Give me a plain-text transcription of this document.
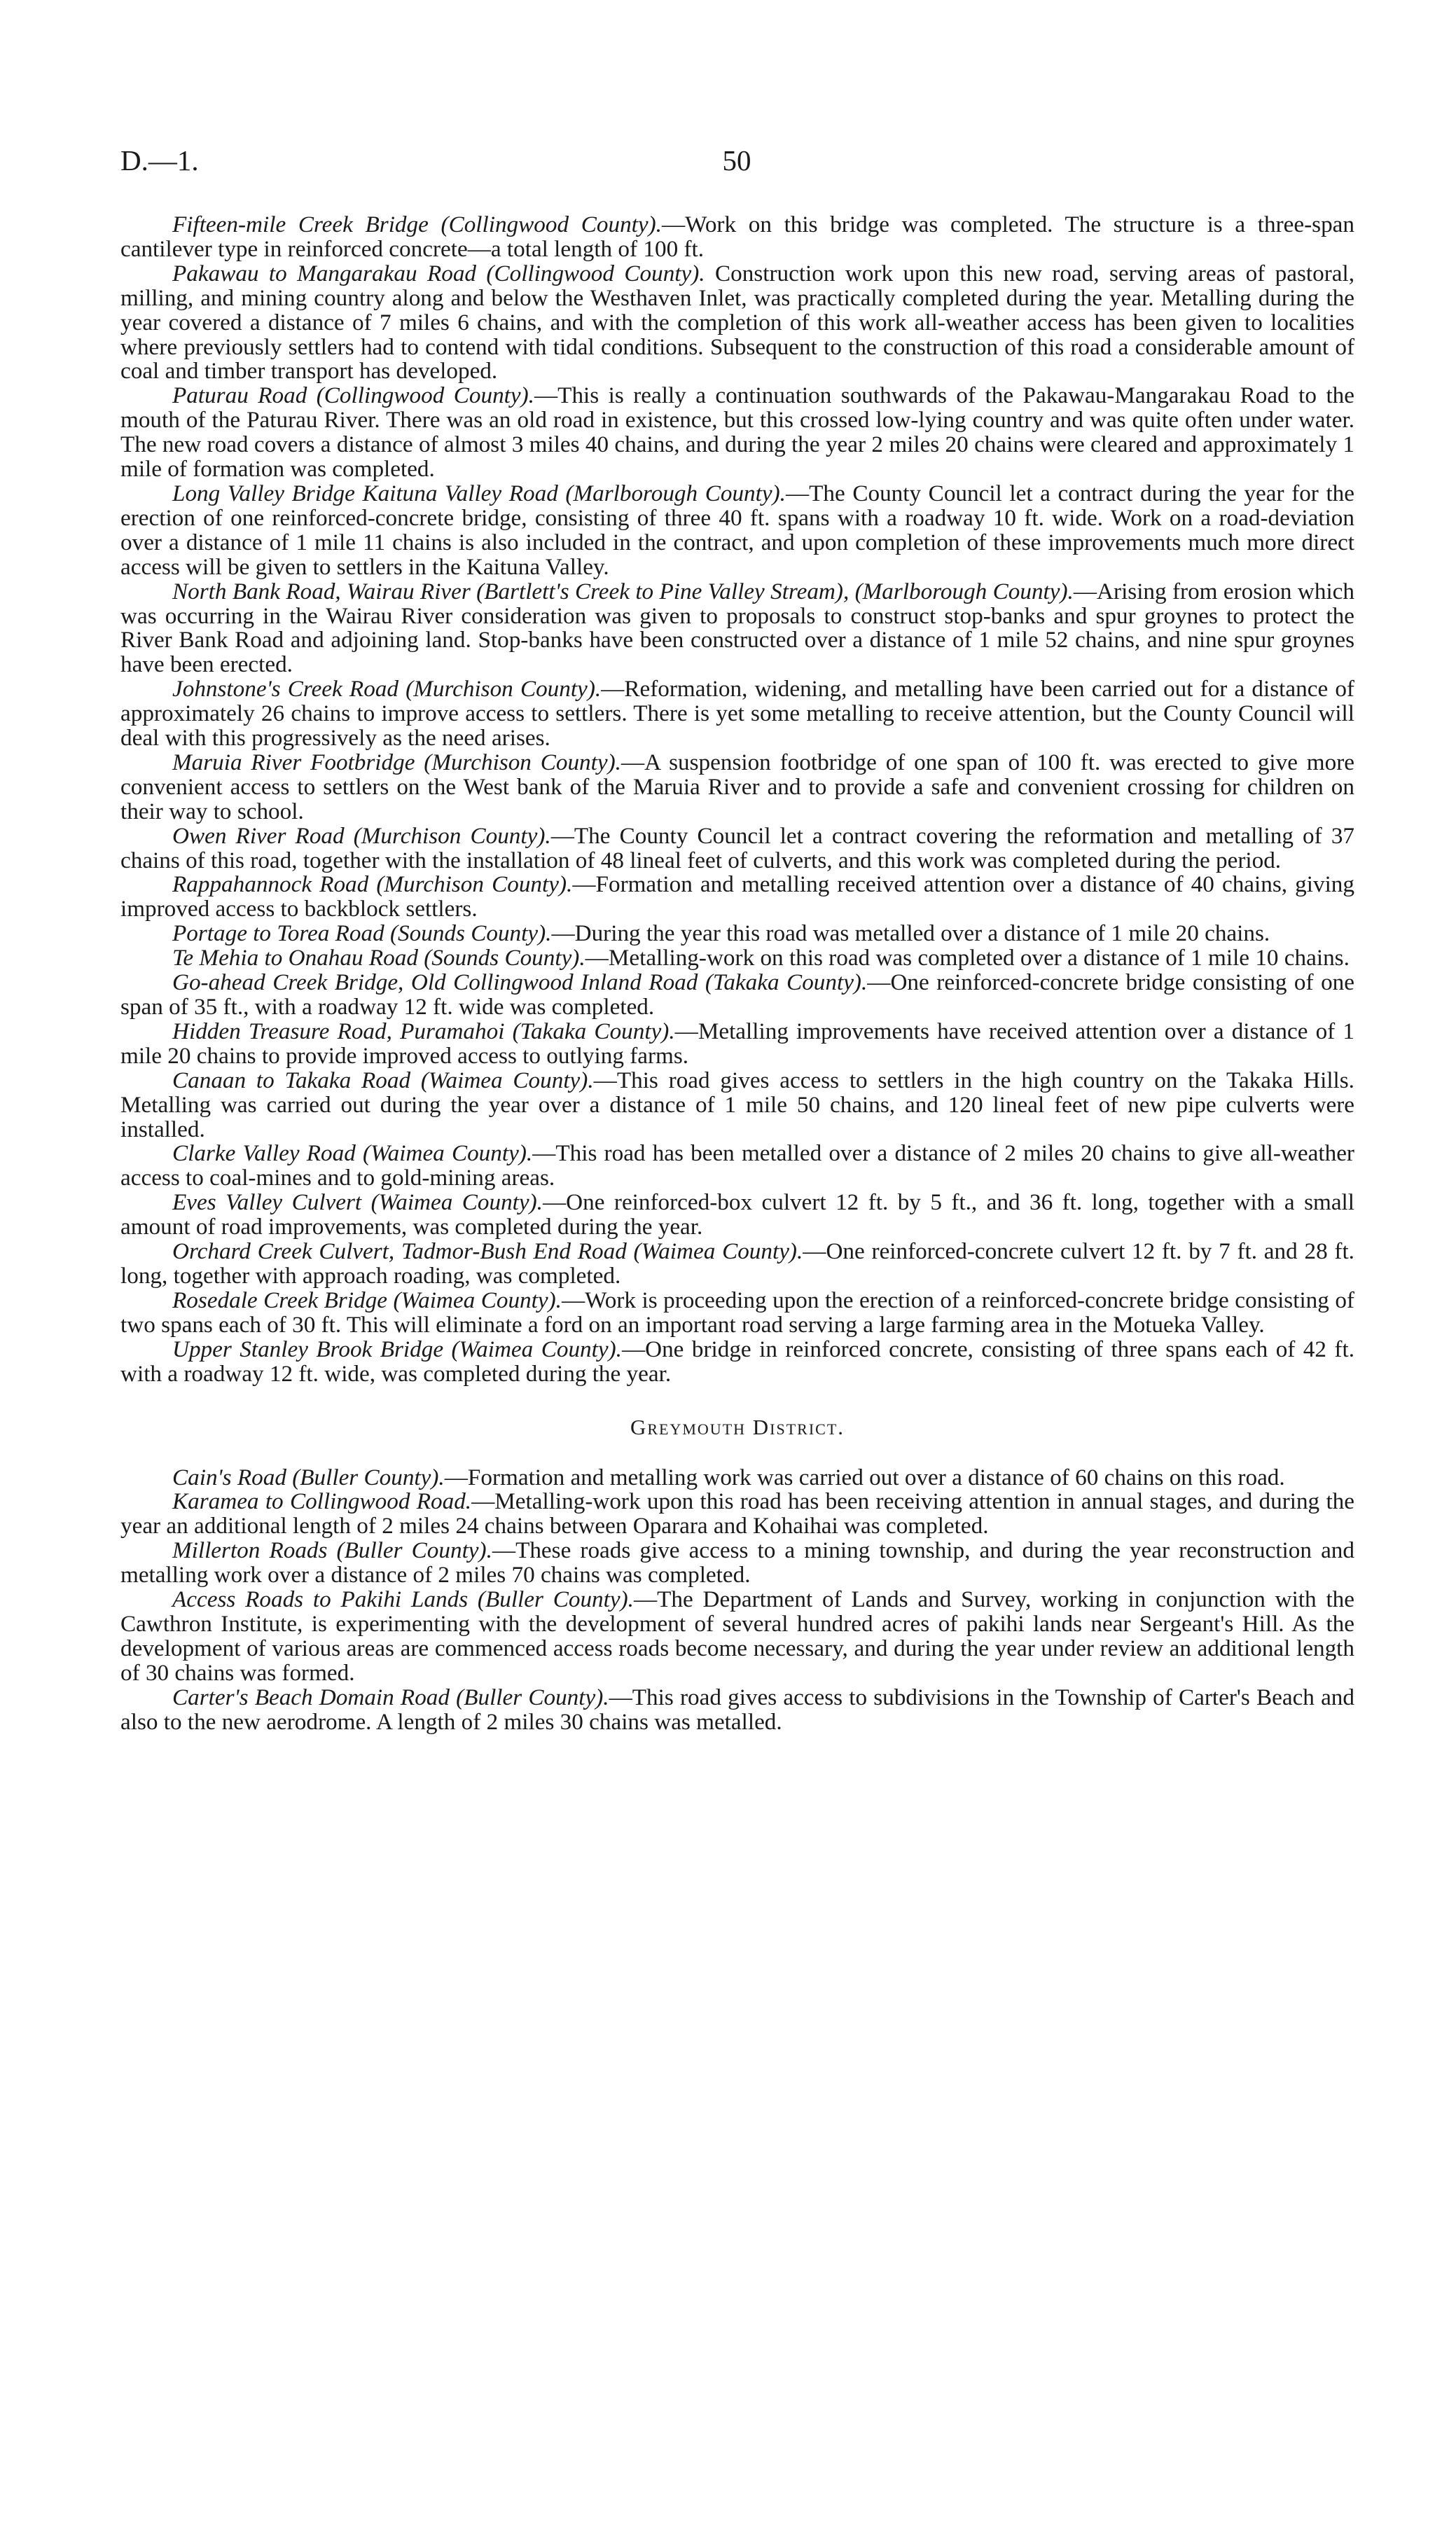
D.—1.	50

Fifteen-mile Creek Bridge (Collingwood County).—Work on this bridge was completed. The structure is a three-span cantilever type in reinforced concrete—a total length of 100 ft.

Pakawau to Mangarakau Road (Collingwood County). Construction work upon this new road, serving areas of pastoral, milling, and mining country along and below the Westhaven Inlet, was practically completed during the year. Metalling during the year covered a distance of 7 miles 6 chains, and with the completion of this work all-weather access has been given to localities where previously settlers had to contend with tidal conditions. Subsequent to the construction of this road a considerable amount of coal and timber transport has developed.

Paturau Road (Collingwood County).—This is really a continuation southwards of the Pakawau-Mangarakau Road to the mouth of the Paturau River. There was an old road in existence, but this crossed low-lying country and was quite often under water. The new road covers a distance of almost 3 miles 40 chains, and during the year 2 miles 20 chains were cleared and approximately 1 mile of formation was completed.

Long Valley Bridge Kaituna Valley Road (Marlborough County).—The County Council let a contract during the year for the erection of one reinforced-concrete bridge, consisting of three 40 ft. spans with a roadway 10 ft. wide. Work on a road-deviation over a distance of 1 mile 11 chains is also included in the contract, and upon completion of these improvements much more direct access will be given to settlers in the Kaituna Valley.

North Bank Road, Wairau River (Bartlett's Creek to Pine Valley Stream), (Marlborough County).—Arising from erosion which was occurring in the Wairau River consideration was given to proposals to construct stop-banks and spur groynes to protect the River Bank Road and adjoining land. Stop-banks have been constructed over a distance of 1 mile 52 chains, and nine spur groynes have been erected.

Johnstone's Creek Road (Murchison County).—Reformation, widening, and metalling have been carried out for a distance of approximately 26 chains to improve access to settlers. There is yet some metalling to receive attention, but the County Council will deal with this progressively as the need arises.

Maruia River Footbridge (Murchison County).—A suspension footbridge of one span of 100 ft. was erected to give more convenient access to settlers on the West bank of the Maruia River and to provide a safe and convenient crossing for children on their way to school.

Owen River Road (Murchison County).—The County Council let a contract covering the reformation and metalling of 37 chains of this road, together with the installation of 48 lineal feet of culverts, and this work was completed during the period.

Rappahannock Road (Murchison County).—Formation and metalling received attention over a distance of 40 chains, giving improved access to backblock settlers.

Portage to Torea Road (Sounds County).—During the year this road was metalled over a distance of 1 mile 20 chains.

Te Mehia to Onahau Road (Sounds County).—Metalling-work on this road was completed over a distance of 1 mile 10 chains.

Go-ahead Creek Bridge, Old Collingwood Inland Road (Takaka County).—One reinforced-concrete bridge consisting of one span of 35 ft., with a roadway 12 ft. wide was completed.

Hidden Treasure Road, Puramahoi (Takaka County).—Metalling improvements have received attention over a distance of 1 mile 20 chains to provide improved access to outlying farms.

Canaan to Takaka Road (Waimea County).—This road gives access to settlers in the high country on the Takaka Hills. Metalling was carried out during the year over a distance of 1 mile 50 chains, and 120 lineal feet of new pipe culverts were installed.

Clarke Valley Road (Waimea County).—This road has been metalled over a distance of 2 miles 20 chains to give all-weather access to coal-mines and to gold-mining areas.

Eves Valley Culvert (Waimea County).—One reinforced-box culvert 12 ft. by 5 ft., and 36 ft. long, together with a small amount of road improvements, was completed during the year.

Orchard Creek Culvert, Tadmor-Bush End Road (Waimea County).—One reinforced-concrete culvert 12 ft. by 7 ft. and 28 ft. long, together with approach roading, was completed.

Rosedale Creek Bridge (Waimea County).—Work is proceeding upon the erection of a reinforced-concrete bridge consisting of two spans each of 30 ft. This will eliminate a ford on an important road serving a large farming area in the Motueka Valley.

Upper Stanley Brook Bridge (Waimea County).—One bridge in reinforced concrete, consisting of three spans each of 42 ft. with a roadway 12 ft. wide, was completed during the year.

Greymouth District.

Cain's Road (Buller County).—Formation and metalling work was carried out over a distance of 60 chains on this road.

Karamea to Collingwood Road.—Metalling-work upon this road has been receiving attention in annual stages, and during the year an additional length of 2 miles 24 chains between Oparara and Kohaihai was completed.

Millerton Roads (Buller County).—These roads give access to a mining township, and during the year reconstruction and metalling work over a distance of 2 miles 70 chains was completed.

Access Roads to Pakihi Lands (Buller County).—The Department of Lands and Survey, working in conjunction with the Cawthron Institute, is experimenting with the development of several hundred acres of pakihi lands near Sergeant's Hill. As the development of various areas are commenced access roads become necessary, and during the year under review an additional length of 30 chains was formed.

Carter's Beach Domain Road (Buller County).—This road gives access to subdivisions in the Township of Carter's Beach and also to the new aerodrome. A length of 2 miles 30 chains was metalled.
